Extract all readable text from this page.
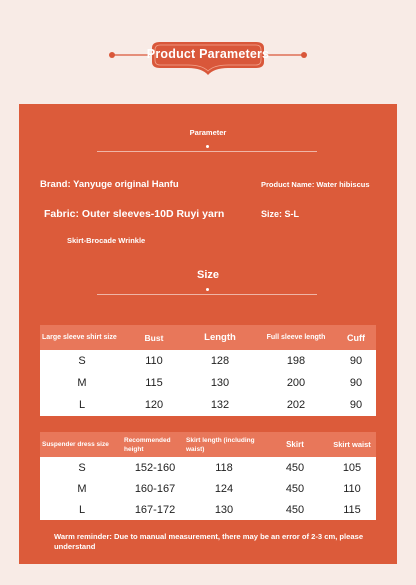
Product Parameters
Parameter
Brand: Yanyuge original Hanfu	Product Name: Water hibiscus
Fabric: Outer sleeves-10D Ruyi yarn	Size: S-L
Skirt-Brocade Wrinkle
Size
Large sleeve shirt size	Bust	Length	Full sleeve length	Cuff
S	110	128	198	90
M	115	130	200	90
L	120	132	202	90
Suspender dress size	Recommended height	Skirt length (including waist)	Skirt	Skirt waist
S	152-160	118	450	105
M	160-167	124	450	110
L	167-172	130	450	115
Warm reminder: Due to manual measurement, there may be an error of 2-3 cm, please understand
